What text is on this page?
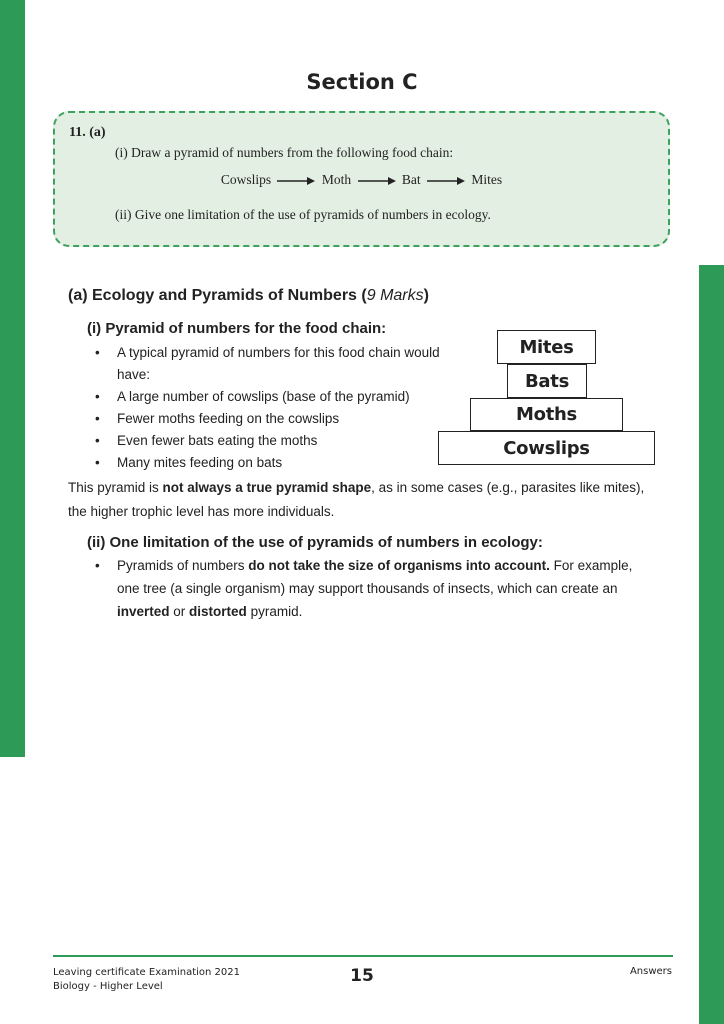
Section C
11. (a)
(i) Draw a pyramid of numbers from the following food chain:
Cowslips	Moth	Bat	Mites
(ii) Give one limitation of the use of pyramids of numbers in ecology.
(a) Ecology and Pyramids of Numbers (9 Marks)
(i) Pyramid of numbers for the food chain:
• A typical pyramid of numbers for this food chain would have:
• A large number of cowslips (base of the pyramid)
• Fewer moths feeding on the cowslips
• Even fewer bats eating the moths
• Many mites feeding on bats
Mites
Bats
Moths
Cowslips
This pyramid is not always a true pyramid shape, as in some cases (e.g., parasites like mites), the higher trophic level has more individuals.
(ii) One limitation of the use of pyramids of numbers in ecology:
• Pyramids of numbers do not take the size of organisms into account. For example, one tree (a single organism) may support thousands of insects, which can create an inverted or distorted pyramid.
Leaving certificate Examination 2021
Biology - Higher Level
15	Answers
